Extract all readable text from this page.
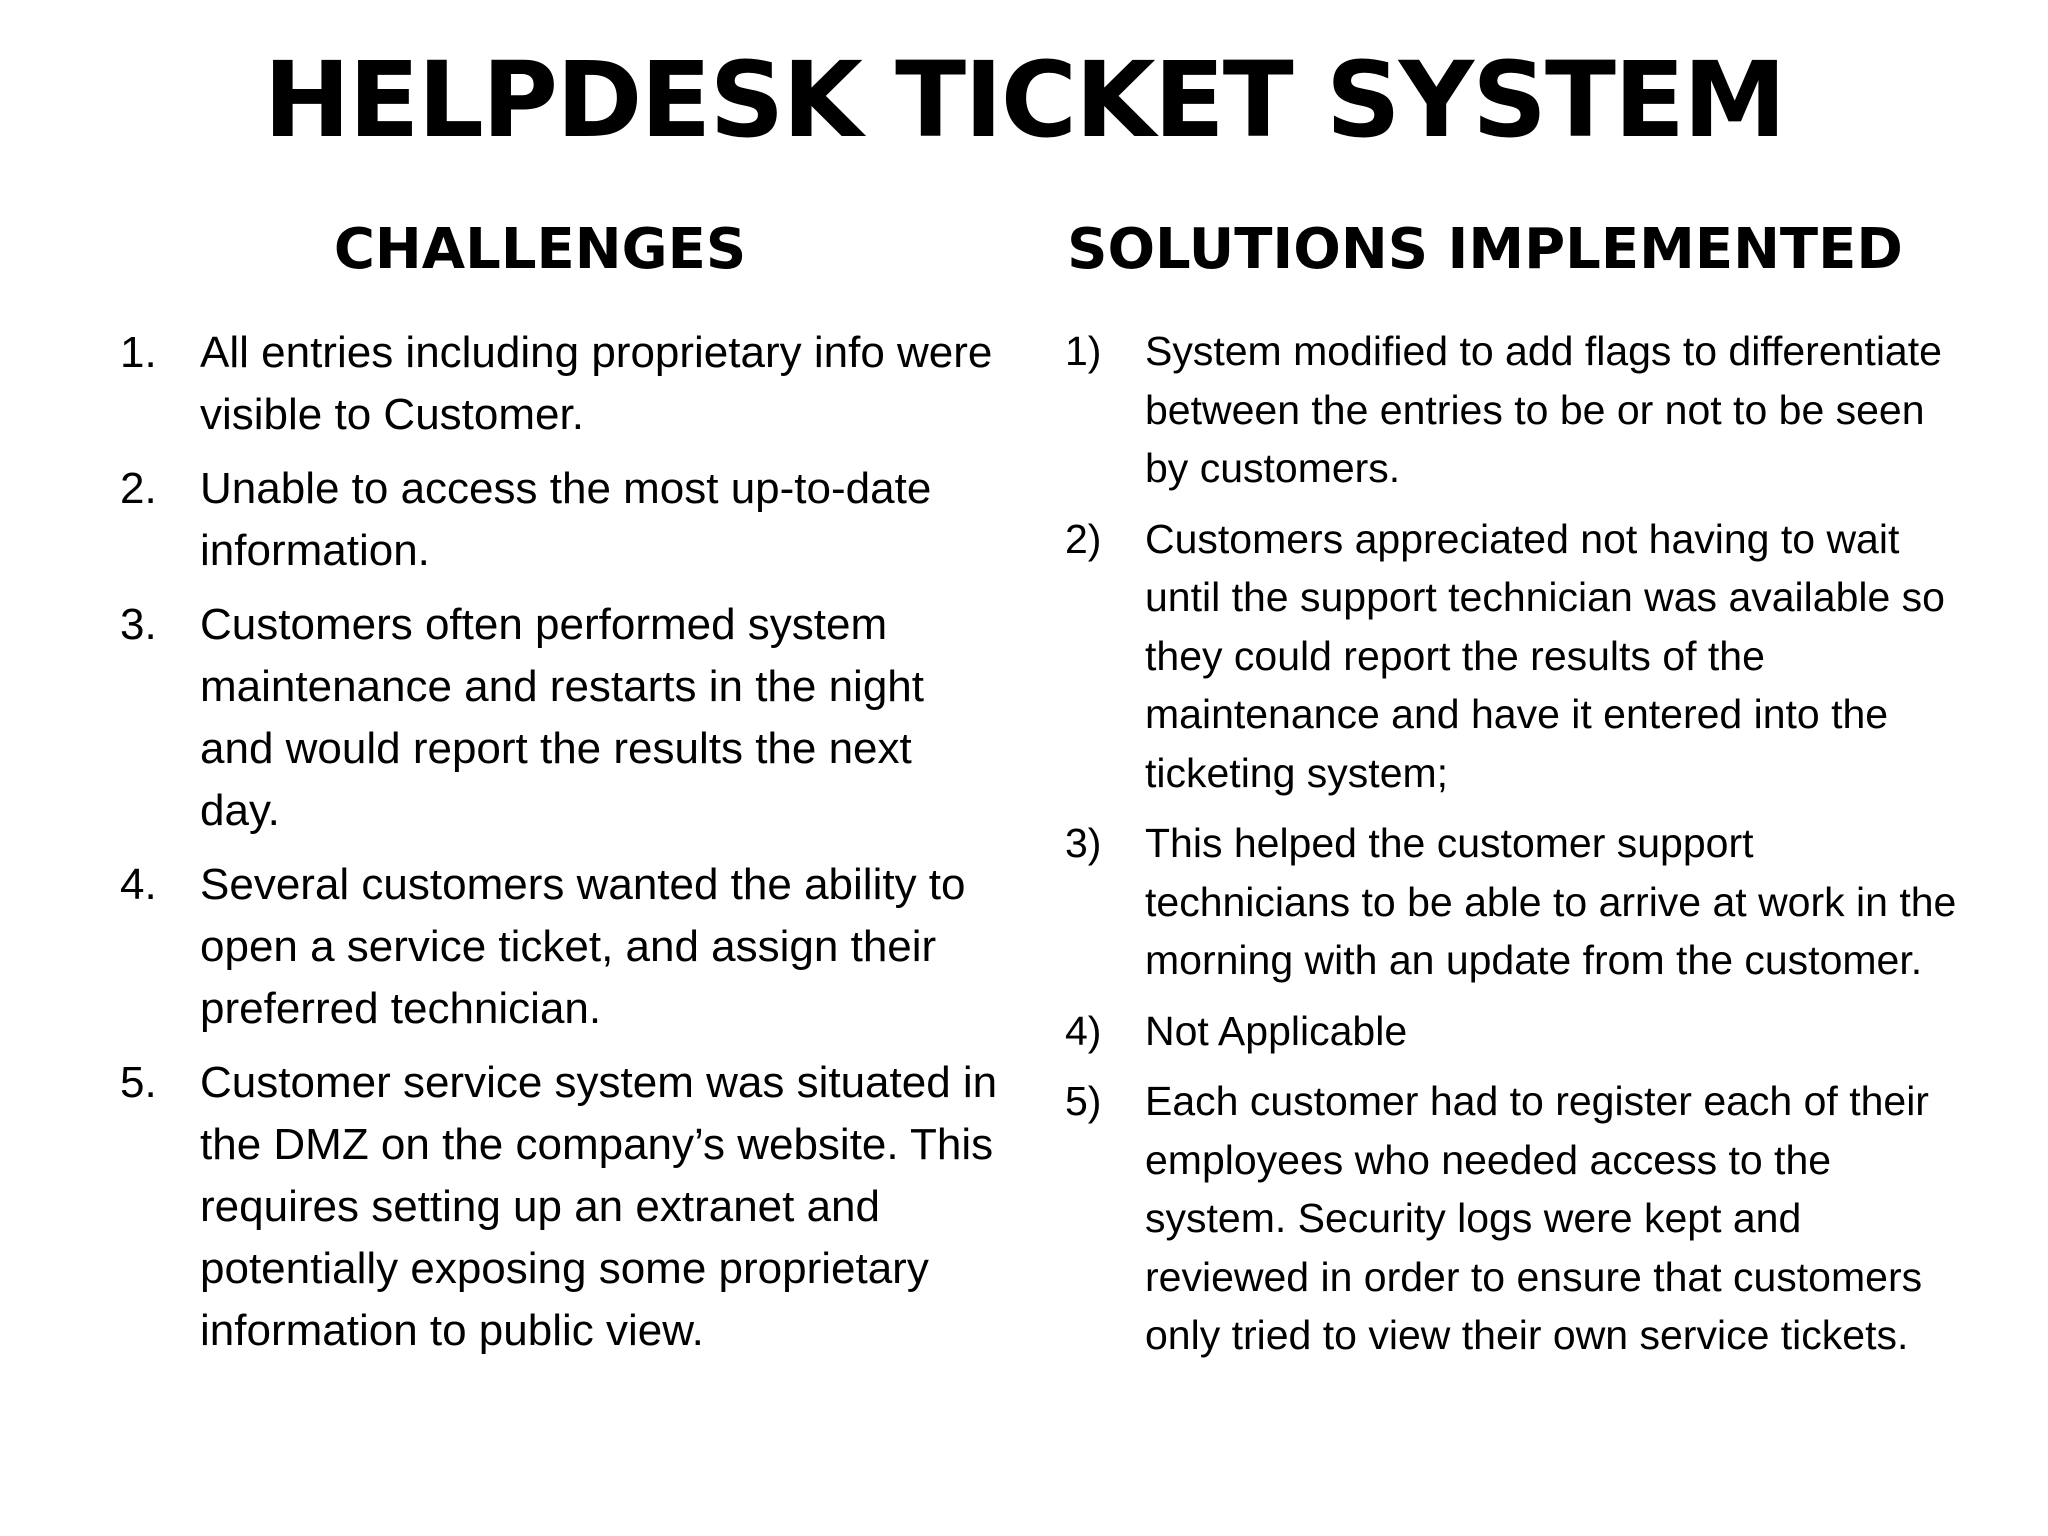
HELPDESK TICKET SYSTEM
CHALLENGES
1. All entries including proprietary info were visible to Customer.
2. Unable to access the most up-to-date information.
3. Customers often performed system maintenance and restarts in the night and would report the results the next day.
4. Several customers wanted the ability to open a service ticket, and assign their preferred technician.
5. Customer service system was situated in the DMZ on the company’s website. This requires setting up an extranet and potentially exposing some proprietary information to public view.
SOLUTIONS IMPLEMENTED
1)	System modified to add flags to differentiate between the entries to be or not to be seen by customers.
2)	Customers appreciated not having to wait until the support technician was available so they could report the results of the maintenance and have it entered into the ticketing system;
3)	This helped the customer support technicians to be able to arrive at work in the morning with an update from the customer.
4)	Not Applicable
5)	Each customer had to register each of their employees who needed access to the system. Security logs were kept and reviewed in order to ensure that customers only tried to view their own service tickets.
